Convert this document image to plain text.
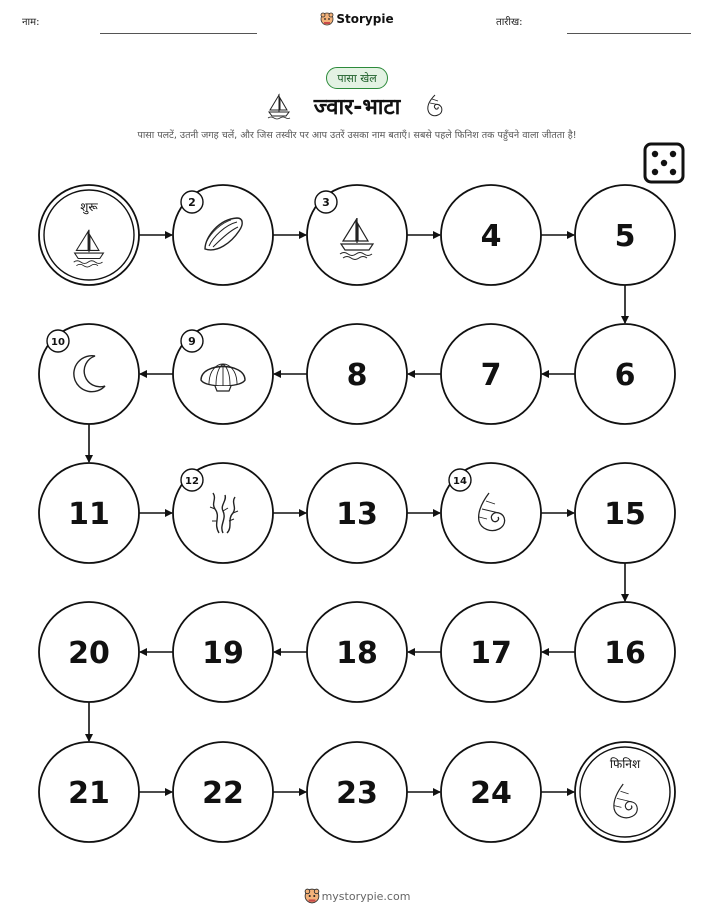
नाम:	Storypie	तारीख:
पासा खेल
ज्वार-भाटा
पासा पलटें, उतनी जगह चलें, और जिस तस्वीर पर आप उतरें उसका नाम बताएँ। सबसे पहले फिनिश तक पहुँचने वाला जीतता है!
शुरू	2	3
4	5
6
7
8
9
10
11
12
13
14
15
16
17
18
19
20
21	22	23	24
फिनिश
mystorypie.com
